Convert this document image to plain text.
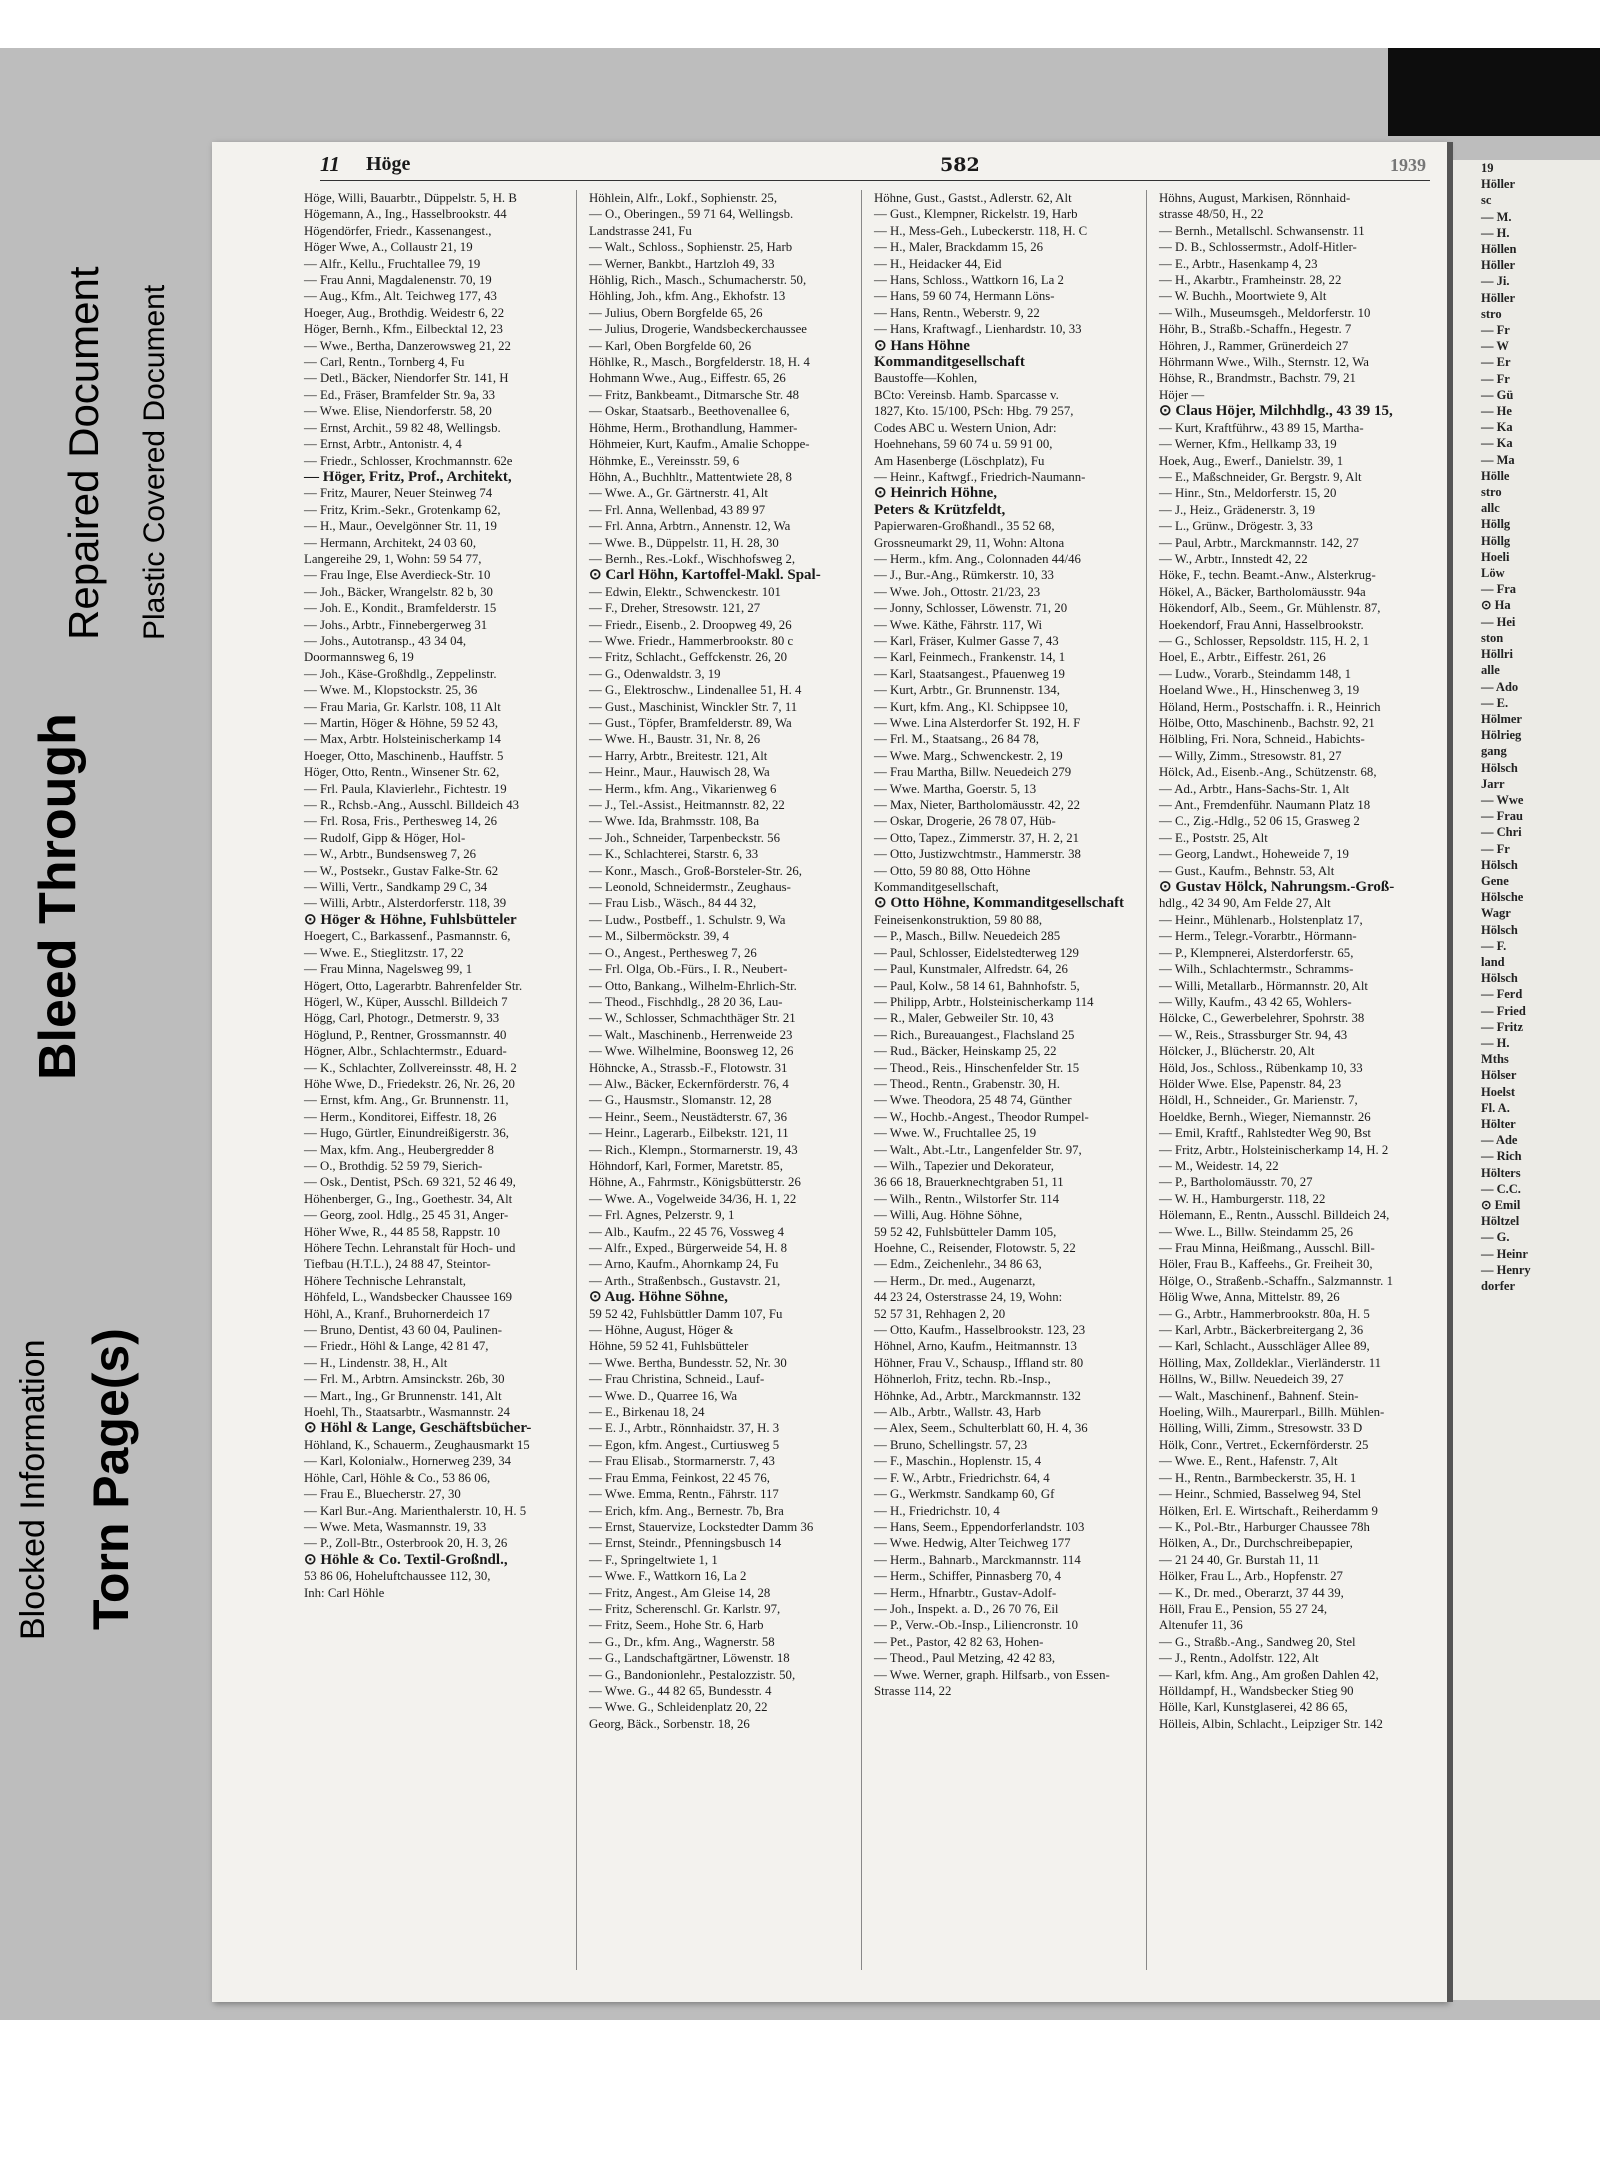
11 Höge	582	1939
Höge, Willi, Bauarbtr., Düppelstr. 5, H. B
Högemann, A., Ing., Hasselbrookstr. 44
Högendörfer, Friedr., Kassenangest.,
Höger Wwe, A., Collaustr 21, 19
— Alfr., Kellu., Fruchtallee 79, 19
— Frau Anni, Magdalenenstr. 70, 19
— Aug., Kfm., Alt. Teichweg 177, 43
Hoeger, Aug., Brothdig. Weidestr 6, 22
Höger, Bernh., Kfm., Eilbecktal 12, 23
— Wwe., Bertha, Danzerowsweg 21, 22
— Carl, Rentn., Tornberg 4, Fu
— Detl., Bäcker, Niendorfer Str. 141, H
— Ed., Fräser, Bramfelder Str. 9a, 33
— Wwe. Elise, Niendorferstr. 58, 20
— Ernst, Archit., 59 82 48, Wellingsb.
— Ernst, Arbtr., Antonistr. 4, 4
— Friedr., Schlosser, Krochmannstr. 62e
— Höger, Fritz, Prof., Architekt,
— Fritz, Maurer, Neuer Steinweg 74
— Fritz, Krim.-Sekr., Grotenkamp 62,
— H., Maur., Oevelgönner Str. 11, 19
— Hermann, Architekt, 24 03 60,
Langereihe 29, 1, Wohn: 59 54 77,
— Frau Inge, Else Averdieck-Str. 10
— Joh., Bäcker, Wrangelstr. 82 b, 30
— Joh. E., Kondit., Bramfelderstr. 15
— Johs., Arbtr., Finnebergerweg 31
— Johs., Autotransp., 43 34 04,
Doormannsweg 6, 19
— Joh., Käse-Großhdlg., Zeppelinstr.
— Wwe. M., Klopstockstr. 25, 36
— Frau Maria, Gr. Karlstr. 108, 11 Alt
— Martin, Höger & Höhne, 59 52 43,
— Max, Arbtr. Holsteinischerkamp 14
Hoeger, Otto, Maschinenb., Hauffstr. 5
Höger, Otto, Rentn., Winsener Str. 62,
— Frl. Paula, Klavierlehr., Fichtestr. 19
— R., Rchsb.-Ang., Ausschl. Billdeich 43
— Frl. Rosa, Fris., Perthesweg 14, 26
— Rudolf, Gipp & Höger, Hol-
— W., Arbtr., Bundsensweg 7, 26
— W., Postsekr., Gustav Falke-Str. 62
— Willi, Vertr., Sandkamp 29 C, 34
— Willi, Arbtr., Alsterdorferstr. 118, 39
⊙ Höger & Höhne, Fuhlsbütteler
Hoegert, C., Barkassenf., Pasmannstr. 6,
— Wwe. E., Stieglitzstr. 17, 22
— Frau Minna, Nagelsweg 99, 1
Högert, Otto, Lagerarbtr. Bahrenfelder Str.
Högerl, W., Küper, Ausschl. Billdeich 7
Högg, Carl, Photogr., Detmerstr. 9, 33
Höglund, P., Rentner, Grossmannstr. 40
Högner, Albr., Schlachtermstr., Eduard-
— K., Schlachter, Zollvereinsstr. 48, H. 2
Höhe Wwe, D., Friedekstr. 26, Nr. 26, 20
— Ernst, kfm. Ang., Gr. Brunnenstr. 11,
— Herm., Konditorei, Eiffestr. 18, 26
— Hugo, Gürtler, Einundreißigerstr. 36,
— Max, kfm. Ang., Heubergredder 8
— O., Brothdig. 52 59 79, Sierich-
— Osk., Dentist, PSch. 69 321, 52 46 49,
Höhenberger, G., Ing., Goethestr. 34, Alt
— Georg, zool. Hdlg., 25 45 31, Anger-
Höher Wwe, R., 44 85 58, Rappstr. 10
Höhere Techn. Lehranstalt für Hoch- und
Tiefbau (H.T.L.), 24 88 47, Steintor-
Höhere Technische Lehranstalt,
Höhfeld, L., Wandsbecker Chaussee 169
Höhl, A., Kranf., Bruhornerdeich 17
— Bruno, Dentist, 43 60 04, Paulinen-
— Friedr., Höhl & Lange, 42 81 47,
— H., Lindenstr. 38, H., Alt
— Frl. M., Arbtrn. Amsinckstr. 26b, 30
— Mart., Ing., Gr Brunnenstr. 141, Alt
Hoehl, Th., Staatsarbtr., Wasmannstr. 24
⊙ Höhl & Lange, Geschäftsbücher-
Höhland, K., Schauerm., Zeughausmarkt 15
— Karl, Kolonialw., Hornerweg 239, 34
Höhle, Carl, Höhle & Co., 53 86 06,
— Frau E., Bluecherstr. 27, 30
— Karl Bur.-Ang. Marienthalerstr. 10, H. 5
— Wwe. Meta, Wasmannstr. 19, 33
— P., Zoll-Btr., Osterbrook 20, H. 3, 26
⊙ Höhle & Co. Textil-Großndl.,
53 86 06, Hoheluftchaussee 112, 30,
Inh: Carl Höhle
Höhlein, Alfr., Lokf., Sophienstr. 25,
— O., Oberingen., 59 71 64, Wellingsb.
Landstrasse 241, Fu
— Walt., Schloss., Sophienstr. 25, Harb
— Werner, Bankbt., Hartzloh 49, 33
Höhlig, Rich., Masch., Schumacherstr. 50,
Höhling, Joh., kfm. Ang., Ekhofstr. 13
— Julius, Obern Borgfelde 65, 26
— Julius, Drogerie, Wandsbeckerchaussee
— Karl, Oben Borgfelde 60, 26
Höhlke, R., Masch., Borgfelderstr. 18, H. 4
Hohmann Wwe., Aug., Eiffestr. 65, 26
— Fritz, Bankbeamt., Ditmarsche Str. 48
— Oskar, Staatsarb., Beethovenallee 6,
Höhme, Herm., Brothandlung, Hammer-
Höhmeier, Kurt, Kaufm., Amalie Schoppe-
Höhmke, E., Vereinsstr. 59, 6
Höhn, A., Buchhltr., Mattentwiete 28, 8
— Wwe. A., Gr. Gärtnerstr. 41, Alt
— Frl. Anna, Wellenbad, 43 89 97
— Frl. Anna, Arbtrn., Annenstr. 12, Wa
— Wwe. B., Düppelstr. 11, H. 28, 30
— Bernh., Res.-Lokf., Wischhofsweg 2,
⊙ Carl Höhn, Kartoffel-Makl. Spal-
— Edwin, Elektr., Schwenckestr. 101
— F., Dreher, Stresowstr. 121, 27
— Friedr., Eisenb., 2. Droopweg 49, 26
— Wwe. Friedr., Hammerbrookstr. 80 c
— Fritz, Schlacht., Geffckenstr. 26, 20
— G., Odenwaldstr. 3, 19
— G., Elektroschw., Lindenallee 51, H. 4
— Gust., Maschinist, Winckler Str. 7, 11
— Gust., Töpfer, Bramfelderstr. 89, Wa
— Wwe. H., Baustr. 31, Nr. 8, 26
— Harry, Arbtr., Breitestr. 121, Alt
— Heinr., Maur., Hauwisch 28, Wa
— Herm., kfm. Ang., Vikarienweg 6
— J., Tel.-Assist., Heitmannstr. 82, 22
— Wwe. Ida, Brahmsstr. 108, Ba
— Joh., Schneider, Tarpenbeckstr. 56
— K., Schlachterei, Starstr. 6, 33
— Konr., Masch., Groß-Borsteler-Str. 26,
— Leonold, Schneidermstr., Zeughaus-
— Frau Lisb., Wäsch., 84 44 32,
— Ludw., Postbeff., 1. Schulstr. 9, Wa
— M., Silbermöckstr. 39, 4
— O., Angest., Perthesweg 7, 26
— Frl. Olga, Ob.-Fürs., I. R., Neubert-
— Otto, Bankang., Wilhelm-Ehrlich-Str.
— Theod., Fischhdlg., 28 20 36, Lau-
— W., Schlosser, Schmachthäger Str. 21
— Walt., Maschinenb., Herrenweide 23
— Wwe. Wilhelmine, Boonsweg 12, 26
Höhncke, A., Strassb.-F., Flotowstr. 31
— Alw., Bäcker, Eckernförderstr. 76, 4
— G., Hausmstr., Slomanstr. 12, 28
— Heinr., Seem., Neustädterstr. 67, 36
— Heinr., Lagerarb., Eilbekstr. 121, 11
— Rich., Klempn., Stormarnerstr. 19, 43
Höhndorf, Karl, Former, Maretstr. 85,
Höhne, A., Fahrmstr., Königsbütterstr. 26
— Wwe. A., Vogelweide 34/36, H. 1, 22
— Frl. Agnes, Pelzerstr. 9, 1
— Alb., Kaufm., 22 45 76, Vossweg 4
— Alfr., Exped., Bürgerweide 54, H. 8
— Arno, Kaufm., Ahornkamp 24, Fu
— Arth., Straßenbsch., Gustavstr. 21,
⊙ Aug. Höhne Söhne,
59 52 42, Fuhlsbüttler Damm 107, Fu
— Höhne, August, Höger &
Höhne, 59 52 41, Fuhlsbütteler
— Wwe. Bertha, Bundesstr. 52, Nr. 30
— Frau Christina, Schneid., Lauf-
— Wwe. D., Quarree 16, Wa
— E., Birkenau 18, 24
— E. J., Arbtr., Rönnhaidstr. 37, H. 3
— Egon, kfm. Angest., Curtiusweg 5
— Frau Elisab., Stormarnerstr. 7, 43
— Frau Emma, Feinkost, 22 45 76,
— Wwe. Emma, Rentn., Fährstr. 117
— Erich, kfm. Ang., Bernestr. 7b, Bra
— Ernst, Stauervize, Lockstedter Damm 36
— Ernst, Steindr., Pfenningsbusch 14
— F., Springeltwiete 1, 1
— Wwe. F., Wattkorn 16, La 2
— Fritz, Angest., Am Gleise 14, 28
— Fritz, Scherenschl. Gr. Karlstr. 97,
— Fritz, Seem., Hohe Str. 6, Harb
— G., Dr., kfm. Ang., Wagnerstr. 58
— G., Landschaftgärtner, Löwenstr. 18
— G., Bandonionlehr., Pestalozzistr. 50,
— Wwe. G., 44 82 65, Bundesstr. 4
— Wwe. G., Schleidenplatz 20, 22
Georg, Bäck., Sorbenstr. 18, 26
Höhne, Gust., Gastst., Adlerstr. 62, Alt
— Gust., Klempner, Rickelstr. 19, Harb
— H., Mess-Geh., Lubeckerstr. 118, H. C
— H., Maler, Brackdamm 15, 26
— H., Heidacker 44, Eid
— Hans, Schloss., Wattkorn 16, La 2
— Hans, 59 60 74, Hermann Löns-
— Hans, Rentn., Weberstr. 9, 22
— Hans, Kraftwagf., Lienhardstr. 10, 33
⊙ Hans Höhne
Kommanditgesellschaft
Baustoffe—Kohlen,
BCto: Vereinsb. Hamb. Sparcasse v.
1827, Kto. 15/100, PSch: Hbg. 79 257,
Codes ABC u. Western Union, Adr:
Hoehnehans, 59 60 74 u. 59 91 00,
Am Hasenberge (Löschplatz), Fu
— Heinr., Kaftwgf., Friedrich-Naumann-
⊙ Heinrich Höhne,
Peters & Krützfeldt,
Papierwaren-Großhandl., 35 52 68,
Grossneumarkt 29, 11, Wohn: Altona
— Herm., kfm. Ang., Colonnaden 44/46
— J., Bur.-Ang., Rümkerstr. 10, 33
— Wwe. Joh., Ottostr. 21/23, 23
— Jonny, Schlosser, Löwenstr. 71, 20
— Wwe. Käthe, Fährstr. 117, Wi
— Karl, Fräser, Kulmer Gasse 7, 43
— Karl, Feinmech., Frankenstr. 14, 1
— Karl, Staatsangest., Pfauenweg 19
— Kurt, Arbtr., Gr. Brunnenstr. 134,
— Kurt, kfm. Ang., Kl. Schippsee 10,
— Wwe. Lina Alsterdorfer St. 192, H. F
— Frl. M., Staatsang., 26 84 78,
— Wwe. Marg., Schwenckestr. 2, 19
— Frau Martha, Billw. Neuedeich 279
— Wwe. Martha, Goerstr. 5, 13
— Max, Nieter, Bartholomäusstr. 42, 22
— Oskar, Drogerie, 26 78 07, Hüb-
— Otto, Tapez., Zimmerstr. 37, H. 2, 21
— Otto, Justizwchtmstr., Hammerstr. 38
— Otto, 59 80 88, Otto Höhne
Kommanditgesellschaft,
⊙ Otto Höhne, Kommanditgesellschaft
Feineisenkonstruktion, 59 80 88,
— P., Masch., Billw. Neuedeich 285
— Paul, Schlosser, Eidelstedterweg 129
— Paul, Kunstmaler, Alfredstr. 64, 26
— Paul, Kolw., 58 14 61, Bahnhofstr. 5,
— Philipp, Arbtr., Holsteinischerkamp 114
— R., Maler, Gebweiler Str. 10, 43
— Rich., Bureauangest., Flachsland 25
— Rud., Bäcker, Heinskamp 25, 22
— Theod., Reis., Hinschenfelder Str. 15
— Theod., Rentn., Grabenstr. 30, H.
— Wwe. Theodora, 25 48 74, Günther
— W., Hochb.-Angest., Theodor Rumpel-
— Wwe. W., Fruchtallee 25, 19
— Walt., Abt.-Ltr., Langenfelder Str. 97,
— Wilh., Tapezier und Dekorateur,
36 66 18, Brauerknechtgraben 51, 11
— Wilh., Rentn., Wilstorfer Str. 114
— Willi, Aug. Höhne Söhne,
59 52 42, Fuhlsbütteler Damm 105,
Hoehne, C., Reisender, Flotowstr. 5, 22
— Edm., Zeichenlehr., 34 86 63,
— Herm., Dr. med., Augenarzt,
44 23 24, Osterstrasse 24, 19, Wohn:
52 57 31, Rehhagen 2, 20
— Otto, Kaufm., Hasselbrookstr. 123, 23
Höhnel, Arno, Kaufm., Heitmannstr. 13
Höhner, Frau V., Schausp., Iffland str. 80
Höhnerloh, Fritz, techn. Rb.-Insp.,
Höhnke, Ad., Arbtr., Marckmannstr. 132
— Alb., Arbtr., Wallstr. 43, Harb
— Alex, Seem., Schulterblatt 60, H. 4, 36
— Bruno, Schellingstr. 57, 23
— F., Maschin., Hoplenstr. 15, 4
— F. W., Arbtr., Friedrichstr. 64, 4
— G., Werkmstr. Sandkamp 60, Gf
— H., Friedrichstr. 10, 4
— Hans, Seem., Eppendorferlandstr. 103
— Wwe. Hedwig, Alter Teichweg 177
— Herm., Bahnarb., Marckmannstr. 114
— Herm., Schiffer, Pinnasberg 70, 4
— Herm., Hfnarbtr., Gustav-Adolf-
— Joh., Inspekt. a. D., 26 70 76, Eil
— P., Verw.-Ob.-Insp., Liliencronstr. 10
— Pet., Pastor, 42 82 63, Hohen-
— Theod., Paul Metzing, 42 42 83,
— Wwe. Werner, graph. Hilfsarb., von Essen-
Strasse 114, 22
Höhns, August, Markisen, Rönnhaid-
strasse 48/50, H., 22
— Bernh., Metallschl. Schwansenstr. 11
— D. B., Schlossermstr., Adolf-Hitler-
— E., Arbtr., Hasenkamp 4, 23
— H., Akarbtr., Framheinstr. 28, 22
— W. Buchh., Moortwiete 9, Alt
— Wilh., Museumsgeh., Meldorferstr. 10
Höhr, B., Straßb.-Schaffn., Hegestr. 7
Höhren, J., Rammer, Grünerdeich 27
Höhrmann Wwe., Wilh., Sternstr. 12, Wa
Höhse, R., Brandmstr., Bachstr. 79, 21
Höjer —
⊙ Claus Höjer, Milchhdlg., 43 39 15,
— Kurt, Kraftführw., 43 89 15, Martha-
— Werner, Kfm., Hellkamp 33, 19
Hoek, Aug., Ewerf., Danielstr. 39, 1
— E., Maßschneider, Gr. Bergstr. 9, Alt
— Hinr., Stn., Meldorferstr. 15, 20
— J., Heiz., Grädenerstr. 3, 19
— L., Grünw., Drögestr. 3, 33
— Paul, Arbtr., Marckmannstr. 142, 27
— W., Arbtr., Innstedt 42, 22
Höke, F., techn. Beamt.-Anw., Alsterkrug-
Hökel, A., Bäcker, Bartholomäusstr. 94a
Hökendorf, Alb., Seem., Gr. Mühlenstr. 87,
Hoekendorf, Frau Anni, Hasselbrookstr.
— G., Schlosser, Repsoldstr. 115, H. 2, 1
Hoel, E., Arbtr., Eiffestr. 261, 26
— Ludw., Vorarb., Steindamm 148, 1
Hoeland Wwe., H., Hinschenweg 3, 19
Höland, Herm., Postschaffn. i. R., Heinrich
Hölbe, Otto, Maschinenb., Bachstr. 92, 21
Hölbling, Fri. Nora, Schneid., Habichts-
— Willy, Zimm., Stresowstr. 81, 27
Hölck, Ad., Eisenb.-Ang., Schützenstr. 68,
— Ad., Arbtr., Hans-Sachs-Str. 1, Alt
— Ant., Fremdenführ. Naumann Platz 18
— C., Zig.-Hdlg., 52 06 15, Grasweg 2
— E., Poststr. 25, Alt
— Georg, Landwt., Hoheweide 7, 19
— Gust., Kaufm., Behnstr. 53, Alt
⊙ Gustav Hölck, Nahrungsm.-Groß-
hdlg., 42 34 90, Am Felde 27, Alt
— Heinr., Mühlenarb., Holstenplatz 17,
— Herm., Telegr.-Vorarbtr., Hörmann-
— P., Klempnerei, Alsterdorferstr. 65,
— Wilh., Schlachtermstr., Schramms-
— Willi, Metallarb., Hörmannstr. 20, Alt
— Willy, Kaufm., 43 42 65, Wohlers-
Hölcke, C., Gewerbelehrer, Spohrstr. 38
— W., Reis., Strassburger Str. 94, 43
Hölcker, J., Blücherstr. 20, Alt
Höld, Jos., Schloss., Rübenkamp 10, 33
Hölder Wwe. Else, Papenstr. 84, 23
Höldl, H., Schneider., Gr. Marienstr. 7,
Hoeldke, Bernh., Wieger, Niemannstr. 26
— Emil, Kraftf., Rahlstedter Weg 90, Bst
— Fritz, Arbtr., Holsteinischerkamp 14, H. 2
— M., Weidestr. 14, 22
— P., Bartholomäusstr. 70, 27
— W. H., Hamburgerstr. 118, 22
Hölemann, E., Rentn., Ausschl. Billdeich 24,
— Wwe. L., Billw. Steindamm 25, 26
— Frau Minna, Heißmang., Ausschl. Bill-
Höler, Frau B., Kaffeehs., Gr. Freiheit 30,
Hölge, O., Straßenb.-Schaffn., Salzmannstr. 1
Hölig Wwe, Anna, Mittelstr. 89, 26
— G., Arbtr., Hammerbrookstr. 80a, H. 5
— Karl, Arbtr., Bäckerbreitergang 2, 36
— Karl, Schlacht., Ausschläger Allee 89,
Hölling, Max, Zolldeklar., Vierländerstr. 11
Höllns, W., Billw. Neuedeich 39, 27
— Walt., Maschinenf., Bahnenf. Stein-
Hoeling, Wilh., Maurerparl., Billh. Mühlen-
Hölling, Willi, Zimm., Stresowstr. 33 D
Hölk, Conr., Vertret., Eckernförderstr. 25
— Wwe. E., Rent., Hafenstr. 7, Alt
— H., Rentn., Barmbeckerstr. 35, H. 1
— Heinr., Schmied, Basselweg 94, Stel
Hölken, Erl. E. Wirtschaft., Reiherdamm 9
— K., Pol.-Btr., Harburger Chaussee 78h
Hölken, A., Dr., Durchschreibepapier,
— 21 24 40, Gr. Burstah 11, 11
Hölker, Frau L., Arb., Hopfenstr. 27
— K., Dr. med., Oberarzt, 37 44 39,
Höll, Frau E., Pension, 55 27 24,
Altenufer 11, 36
— G., Straßb.-Ang., Sandweg 20, Stel
— J., Rentn., Adolfstr. 122, Alt
— Karl, kfm. Ang., Am großen Dahlen 42,
Hölldampf, H., Wandsbecker Stieg 90
Hölle, Karl, Kunstglaserei, 42 86 65,
Hölleis, Albin, Schlacht., Leipziger Str. 142
19
Höller
sc
— M.
— H.
Höllen
Höller
— Ji.
Höller
stro
— Fr
— W
— Er
— Fr
— Gü
— He
— Ka
— Ka
— Ma
Hölle
stro
allc
Höllg
Höllg
Hoeli
Löw
— Fra
⊙ Ha
— Hei
ston
Höllri
alle
— Ado
— E.
Hölmer
Hölrieg
gang
Hölsch
Jarr
— Wwe
— Frau
— Chri
— Fr
Hölsch
Gene
Hölsche
Wagr
Hölsch
— F.
land
Hölsch
— Ferd
— Fried
— Fritz
— H.
Mths
Hölser
Hoelst
Fl. A.
Hölter
— Ade
— Rich
Hölters
— C.C.
⊙ Emil
Höltzel
— G.
— Heinr
— Henry
dorfer
Blocked Information Torn Page(s)
Bleed Through
Repaired Document Plastic Covered Document
